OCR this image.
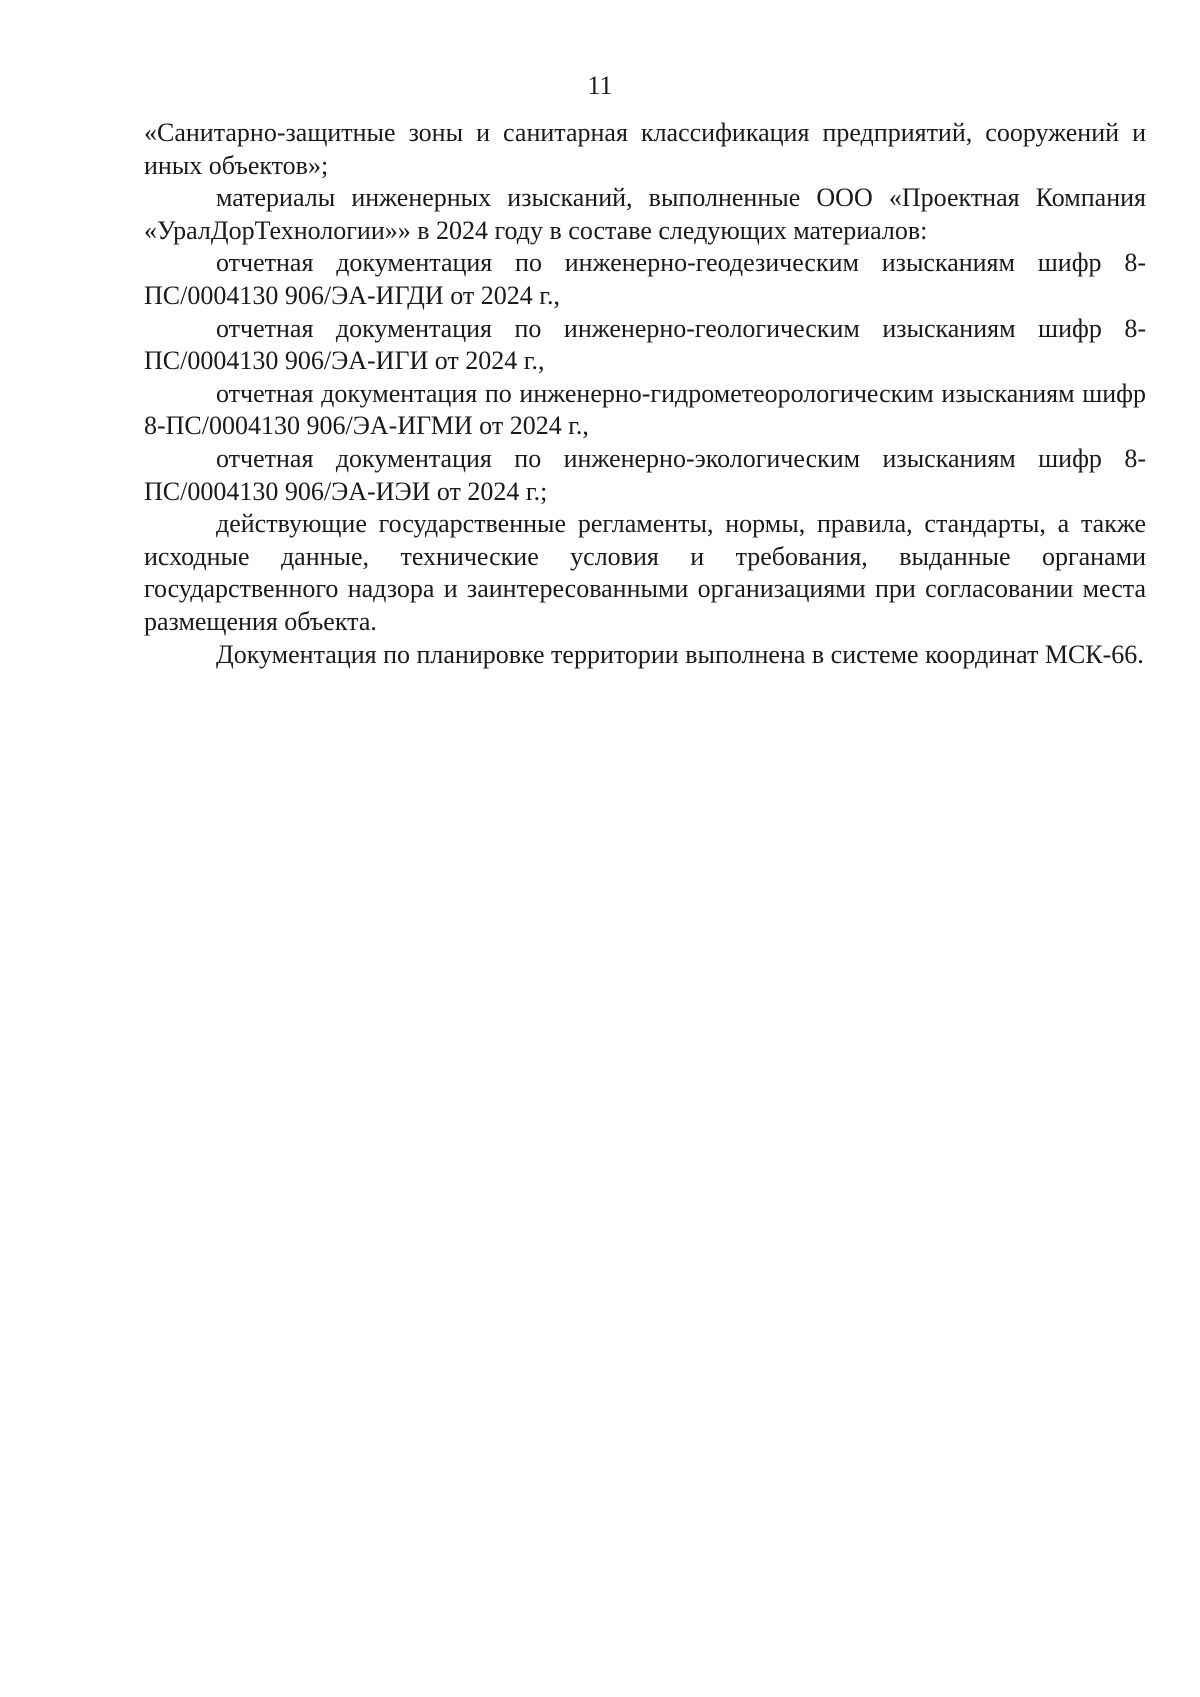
11

«Санитарно-защитные зоны и санитарная классификация предприятий, сооружений и иных объектов»;

материалы инженерных изысканий, выполненные ООО «Проектная Компания «УралДорТехнологии»» в 2024 году в составе следующих материалов:

отчетная документация по инженерно-геодезическим изысканиям шифр 8-ПС/0004130 906/ЭА-ИГДИ от 2024 г.,

отчетная документация по инженерно-геологическим изысканиям шифр 8-ПС/0004130 906/ЭА-ИГИ от 2024 г.,

отчетная документация по инженерно-гидрометеорологическим изысканиям шифр 8-ПС/0004130 906/ЭА-ИГМИ от 2024 г.,

отчетная документация по инженерно-экологическим изысканиям шифр 8-ПС/0004130 906/ЭА-ИЭИ от 2024 г.;

действующие государственные регламенты, нормы, правила, стандарты, а также исходные данные, технические условия и требования, выданные органами государственного надзора и заинтересованными организациями при согласовании места размещения объекта.

Документация по планировке территории выполнена в системе координат МСК-66.
